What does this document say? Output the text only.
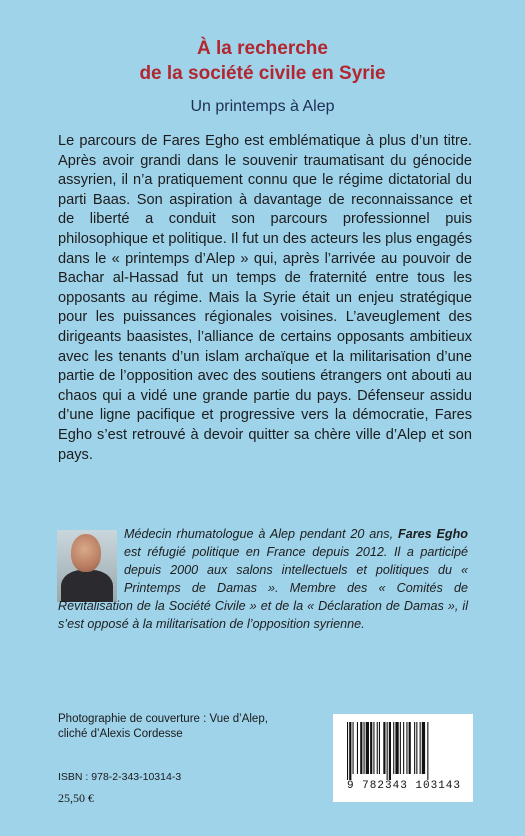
À la recherche
de la société civile en Syrie
Un printemps à Alep
Le parcours de Fares Egho est emblématique à plus d’un titre. Après avoir grandi dans le souvenir traumatisant du génocide assyrien, il n’a pratiquement connu que le régime dictatorial du parti Baas. Son aspiration à davantage de reconnaissance et de liberté a conduit son parcours professionnel puis philosophique et politique. Il fut un des acteurs les plus engagés dans le « printemps d’Alep » qui, après l’arrivée au pouvoir de Bachar al-Hassad fut un temps de fraternité entre tous les opposants au régime. Mais la Syrie était un enjeu stratégique pour les puissances régionales voisines. L’aveuglement des dirigeants baasistes, l’alliance de certains opposants ambitieux avec les tenants d’un islam archaïque et la militarisation d’une partie de l’opposition avec des soutiens étrangers ont abouti au chaos qui a vidé une grande partie du pays. Défenseur assidu d’une ligne pacifique et progressive vers la démocratie, Fares Egho s’est retrouvé à devoir quitter sa chère ville d’Alep et son pays.
Médecin rhumatologue à Alep pendant 20 ans, Fares Egho est réfugié politique en France depuis 2012. Il a participé depuis 2000 aux salons intellectuels et politiques du « Printemps de Damas ». Membre des « Comités de Revitalisation de la Société Civile » et de la « Déclaration de Damas », il s’est opposé à la militarisation de l’opposition syrienne.
Photographie de couverture : Vue d’Alep,
cliché d’Alexis Cordesse
ISBN : 978-2-343-10314-3
25,50 €
9 782343 103143
